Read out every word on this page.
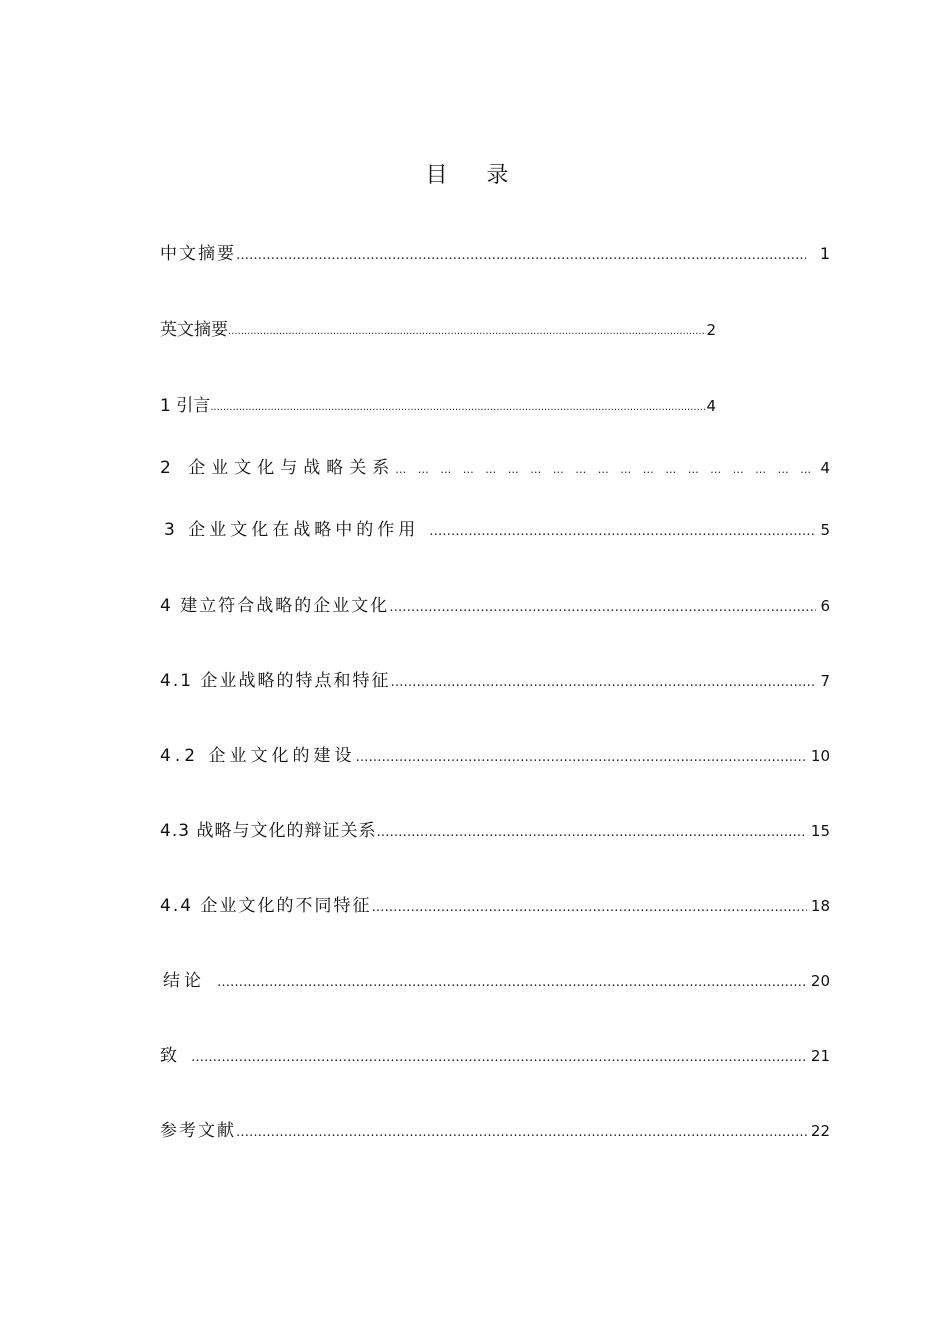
目 录
中文摘要 ………………………………………………………………………………………………………………………………………………………………………………	1
英文摘要 .....	2
1 引言 .....	4
2 企业文化与战略关系 … … … … … … … … … … … … … … … … … … … … … … … … … … … … … … … … … … … … … … … …	4
3 企业文化在战略中的作用 ………………………………………………………………………………………………………………………………………………………………………………	5
4 建立符合战略的企业文化 ………………………………………………………………………………………………………………………………………………………………………………	6
4.1 企业战略的特点和特征 ………………………………………………………………………………………………………………………………………………………………………………	7
4.2 企业文化的建设 ………………………………………………………………………………………………………………………………………………………………………………	10
4.3 战略与文化的辩证关系 ………………………………………………………………………………………………………………………………………………………………………………	15
4.4 企业文化的不同特征 ………………………………………………………………………………………………………………………………………………………………………………	18
结论 ………………………………………………………………………………………………………………………………………………………………………………	20
致 ………………………………………………………………………………………………………………………………………………………………………………	21
参考文献 ………………………………………………………………………………………………………………………………………………………………………………	22
